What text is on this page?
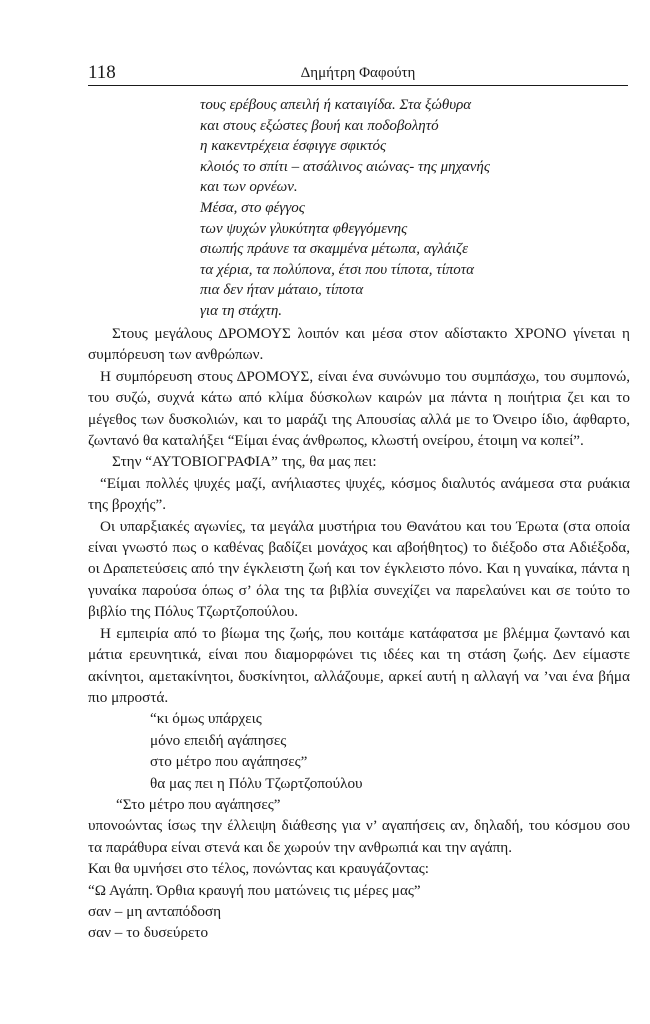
118	Δημήτρη Φαφούτη
τους ερέβους απειλή ή καταιγίδα. Στα ξώθυρα
και στους εξώστες βουή και ποδοβολητό
η κακεντρέχεια έσφιγγε σφικτός
κλοιός το σπίτι – ατσάλινος αιώνας- της μηχανής
και των ορνέων.
Μέσα, στο φέγγος
των ψυχών γλυκύτητα φθεγγόμενης
σιωπής πράυνε τα σκαμμένα μέτωπα, αγλάιζε
τα χέρια, τα πολύπονα, έτσι που τίποτα, τίποτα
πια δεν ήταν μάταιο, τίποτα
για τη στάχτη.

Στους μεγάλους ΔΡΟΜΟΥΣ λοιπόν και μέσα στον αδίστακτο ΧΡΟΝΟ γίνεται η συμπόρευση των ανθρώπων.

Η συμπόρευση στους ΔΡΟΜΟΥΣ, είναι ένα συνώνυμο του συμπάσχω, του συμπονώ, του συζώ, συχνά κάτω από κλίμα δύσκολων καιρών μα πάντα η ποιήτρια ζει και το μέγεθος των δυσκολιών, και το μαράζι της Απουσίας αλλά με το Όνειρο ίδιο, άφθαρτο, ζωντανό θα καταλήξει “Είμαι ένας άνθρωπος, κλωστή ονείρου, έτοιμη να κοπεί”.

Στην “ΑΥΤΟΒΙΟΓΡΑΦΙΑ” της, θα μας πει:

“Είμαι πολλές ψυχές μαζί, ανήλιαστες ψυχές, κόσμος διαλυτός ανάμεσα στα ρυάκια της βροχής”.

Οι υπαρξιακές αγωνίες, τα μεγάλα μυστήρια του Θανάτου και του Έρωτα (στα οποία είναι γνωστό πως ο καθένας βαδίζει μονάχος και αβοήθητος) το διέξοδο στα Αδιέξοδα, οι Δραπετεύσεις από την έγκλειστη ζωή και τον έγκλειστο πόνο. Και η γυναίκα, πάντα η γυναίκα παρούσα όπως σ’ όλα της τα βιβλία συνεχίζει να παρελαύνει και σε τούτο το βιβλίο της Πόλυς Τζωρτζοπούλου.

Η εμπειρία από το βίωμα της ζωής, που κοιτάμε κατάφατσα με βλέμμα ζωντανό και μάτια ερευνητικά, είναι που διαμορφώνει τις ιδέες και τη στάση ζωής. Δεν είμαστε ακίνητοι, αμετακίνητοι, δυσκίνητοι, αλλάζουμε, αρκεί αυτή η αλλαγή να ’ναι ένα βήμα πιο μπροστά.

“κι όμως υπάρχεις
μόνο επειδή αγάπησες
στο μέτρο που αγάπησες”
θα μας πει η Πόλυ Τζωρτζοπούλου
“Στο μέτρο που αγάπησες”

υπονοώντας ίσως την έλλειψη διάθεσης για ν’ αγαπήσεις αν, δηλαδή, του κόσμου σου τα παράθυρα είναι στενά και δε χωρούν την ανθρωπιά και την αγάπη.

Και θα υμνήσει στο τέλος, πονώντας και κραυγάζοντας:
“Ω Αγάπη. Όρθια κραυγή που ματώνεις τις μέρες μας”
σαν – μη ανταπόδοση
σαν – το δυσεύρετο
